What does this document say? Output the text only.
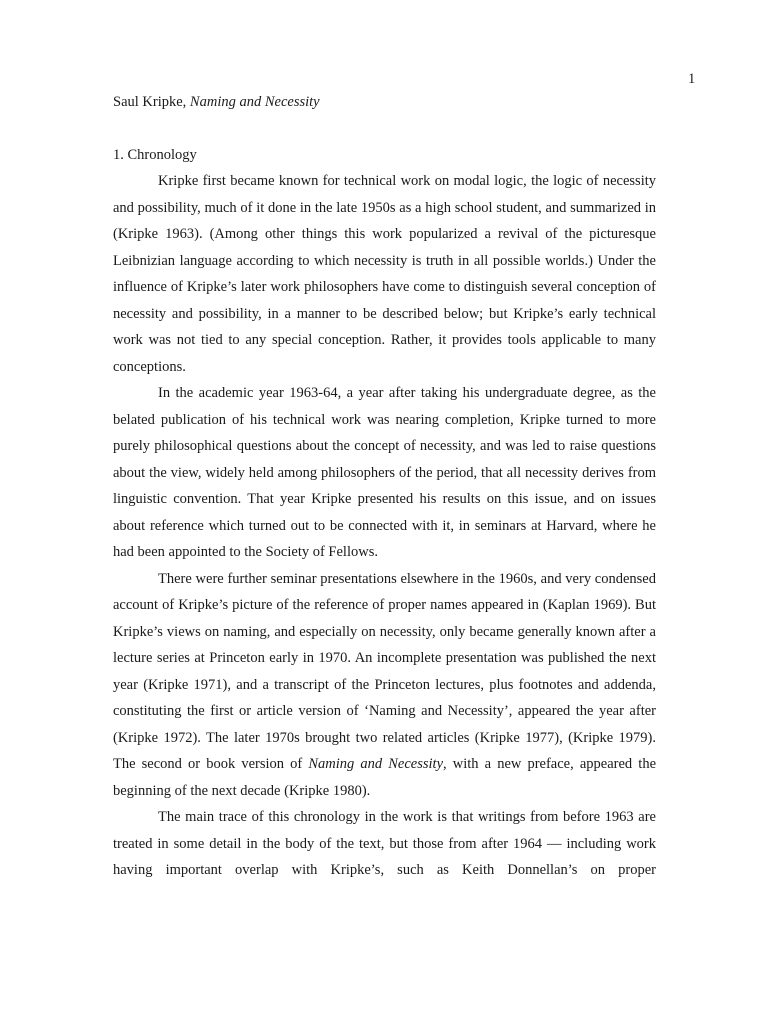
1
Saul Kripke, Naming and Necessity
1. Chronology

Kripke first became known for technical work on modal logic, the logic of necessity and possibility, much of it done in the late 1950s as a high school student, and summarized in (Kripke 1963). (Among other things this work popularized a revival of the picturesque Leibnizian language according to which necessity is truth in all possible worlds.) Under the influence of Kripke’s later work philosophers have come to distinguish several conception of necessity and possibility, in a manner to be described below; but Kripke’s early technical work was not tied to any special conception. Rather, it provides tools applicable to many conceptions.

In the academic year 1963-64, a year after taking his undergraduate degree, as the belated publication of his technical work was nearing completion, Kripke turned to more purely philosophical questions about the concept of necessity, and was led to raise questions about the view, widely held among philosophers of the period, that all necessity derives from linguistic convention. That year Kripke presented his results on this issue, and on issues about reference which turned out to be connected with it, in seminars at Harvard, where he had been appointed to the Society of Fellows.

There were further seminar presentations elsewhere in the 1960s, and very condensed account of Kripke’s picture of the reference of proper names appeared in (Kaplan 1969). But Kripke’s views on naming, and especially on necessity, only became generally known after a lecture series at Princeton early in 1970. An incomplete presentation was published the next year (Kripke 1971), and a transcript of the Princeton lectures, plus footnotes and addenda, constituting the first or article version of ‘Naming and Necessity’, appeared the year after (Kripke 1972). The later 1970s brought two related articles (Kripke 1977), (Kripke 1979). The second or book version of Naming and Necessity, with a new preface, appeared the beginning of the next decade (Kripke 1980).

The main trace of this chronology in the work is that writings from before 1963 are treated in some detail in the body of the text, but those from after 1964 — including work having important overlap with Kripke’s, such as Keith Donnellan’s on proper
